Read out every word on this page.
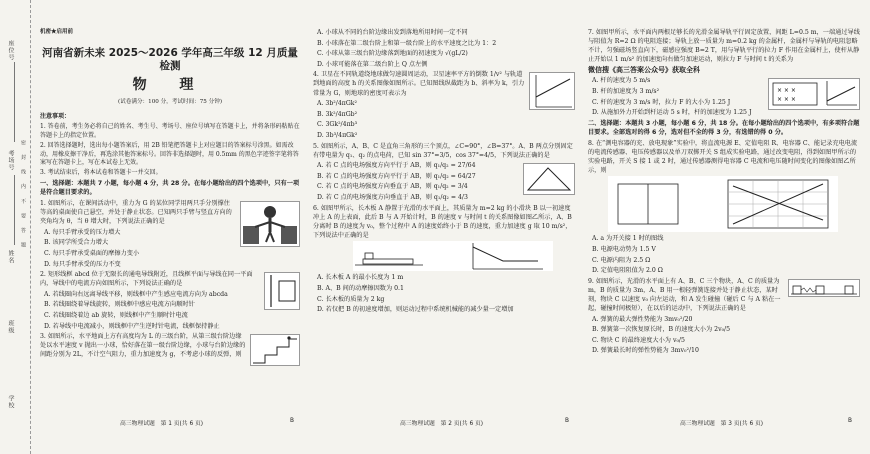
座位号
考场号
姓名
班级
学校
密 封 线 内 不 要 答 题
机密★启用前
河南省新未来 2025～2026 学年高三年级 12 月质量检测
物 理
(试卷满分：100 分，考试时间：75 分钟)

注意事项：

1. 答卷前，考生务必将自己的姓名、考生号、考场号、座位号填写在答题卡上，并将条形码粘贴在答题卡上的指定位置。

2. 回答选择题时，选出每小题答案后，用 2B 铅笔把答题卡上对应题目的答案标号涂黑。如需改动，用橡皮擦干净后，再选涂其他答案标号。回答非选择题时，用 0.5mm 的黑色字迹签字笔将答案写在答题卡上，写在本试卷上无效。

3. 考试结束后，将本试卷和答题卡一并交回。

一、选择题：本题共 7 小题，每小题 4 分，共 28 分。在每小题给出的四个选项中，只有一项是符合题目要求的。

1. 如图所示，在课间活动中，重力为 G 的某位同学用两只手分别撑住等高的桌面使自己悬空，并处于静止状态。已知两只手臂与竖直方向的夹角均为 θ，当 θ 增大时，下列说法正确的是

A. 每只手臂承受的压力增大

B. 该同学所受合力增大

C. 每只手臂承受桌面的摩擦力变小

D. 每只手臂承受的压力不变

2. 矩形线框 abcd 位于无限长的通电导线附近，且线框平面与导线在同一平面内，导线中的电流方向如图所示，下列说法正确的是

A. 若线圈向右远离导线平移，则线框中产生感应电流方向为 abcda

B. 若线圈绕着导线旋转，则线框中感应电流方向顺时针

C. 若线圈绕着边 ab 旋转，则线框中产生顺时针电流

D. 若导线中电流减小，则线框中产生逆时针电流，线框保持静止

3. 如图所示，水平地面上方有高度均为 L 的三级台阶，从第三级台阶边缘处以水平速度 v 抛出一小球，恰好落在第一级台阶边缘，小球与台阶边缘的间距分别为 2L，不计空气阻力，重力加速度为 g，不考虑小球的反弹，则

A. 小球从不同的台阶边缘出发到落地所用时间一定不同

B. 小球落在第二级台阶上和第一级台阶上的水平速度之比为 1：2

C. 小球从第三级台阶边缘落到地面的初速度为 √(gL/2)

D. 小球可能落在第二级台阶上 Q 点左侧

4. 卫星在不同轨道绕地球做匀速圆周运动，卫星速率平方的倒数 1/v² 与轨道到地面的高度 h 的关系图像如图所示。已知图线纵截距为 b、斜率为 k，引力常量为 G，则地球的密度可表示为

A. 3b²/4πGk²

B. 3k²/4πGb²

C. 3Gk²/4πb³

D. 3b³/4πGk²

5. 如图所示，A、B、C 是直角三角形的三个顶点，∠C=90°，∠B=37°。A、B 两点分别固定有带电量为 q₁、q₂ 的点电荷，已知 sin 37°=3/5，cos 37°=4/5，下列说法正确的是

A. 若 C 点的电场强度方向平行于 AB，则 q₁/q₂ = 27/64

B. 若 C 点的电场强度方向平行于 AB，则 q₁/q₂ = 64/27

C. 若 C 点的电场强度方向垂直于 AB，则 q₁/q₂ = 3/4

D. 若 C 点的电场强度方向垂直于 AB，则 q₁/q₂ = 4/3

6. 如图甲所示，长木板 A 静置于光滑的水平面上，其质量为 m=2 kg 的小滑块 B 以一初速度冲上 A 的上表面，此后 B 与 A 开始计时，B 的速度 v 与时间 t 的关系图像如图乙所示，A、B 分离时 B 的速度为 v₀，整个过程中 A 的速度始终小于 B 的速度，重力加速度 g 取 10 m/s²，下列说法中正确的是

A. 长木板 A 的最小长度为 1 m

B. A、B 间的动摩擦因数为 0.1

C. 长木板的质量为 2 kg

D. 若仅把 B 的初速度增加，则运动过程中系统机械能的减少量一定增加

7. 如图甲所示，水平面内两根足够长的光滑金属导轨平行固定放置，间距 L=0.5 m，一端通过导线与阻值为 R=2 Ω 的电阻连接；导轨上放一质量为 m=0.2 kg 的金属杆，金属杆与导轨的电阻忽略不计，匀强磁场竖直向下，磁感应强度 B=2 T，用与导轨平行的拉力 F 作用在金属杆上，使杆从静止开始以 1 m/s² 的加速度向右做匀加速运动，则拉力 F 与时间 t 的关系为

微信搜《高三答案公众号》获取全科

× × ×
× × ×

A. 杆的速度为 5 m/s

B. 杆的加速度为 3 m/s²

C. 杆的速度为 3 m/s 时，拉力 F 的大小为 1.25 J

D. 从施加外力开始到杆运动 5 s 时，杆的加速度为 1.25 J

二、选择题：本题共 3 小题，每小题 6 分，共 18 分。在每小题给出的四个选项中，有多项符合题目要求。全部选对的得 6 分，选对但不全的得 3 分，有选错的得 0 分。

8. 在“测电容器的充、放电现象”实验中，将直流电源 E、定值电阻 R、电容器 C、能记录充电电流的电流传感器、电压传感器以及单刀双掷开关 S 组成实验电路，通过改变电阻，得到如图甲所示的实验电路，开关 S 接 1 或 2 时，通过传感器测得电容器 C 电流和电压随时间变化的图像如图乙所示，则

A. a 为开关接 1 时的图线

B. 电源电动势为 1.5 V

C. 电源内阻为 2.5 Ω

D. 定值电阻阻值为 2.0 Ω

9. 如图所示，光滑的水平面上有 A、B、C 三个物块，A、C 的质量为 m，B 的质量为 3m，A、B 用一根轻弹簧连接并处于静止状态，某时刻，物块 C 以速度 v₀ 向左运动，和 A 发生碰撞（碰后 C 与 A 粘在一起，碰撞时间极短），在以后的运动中，下列说法正确的是

A. 弹簧的最大弹性势能为 3mv₀²/20

B. 弹簧第一次恢复原长时，B 的速度大小为 2v₀/5

C. 物块 C 的最终速度大小为 v₀/5

D. 弹簧最长时的弹性势能为 3mv₀²/10

高三物理试题　第 1 页(共 6 页)	B	高三物理试题　第 2 页(共 6 页)	B	高三物理试题　第 3 页(共 6 页)	B
